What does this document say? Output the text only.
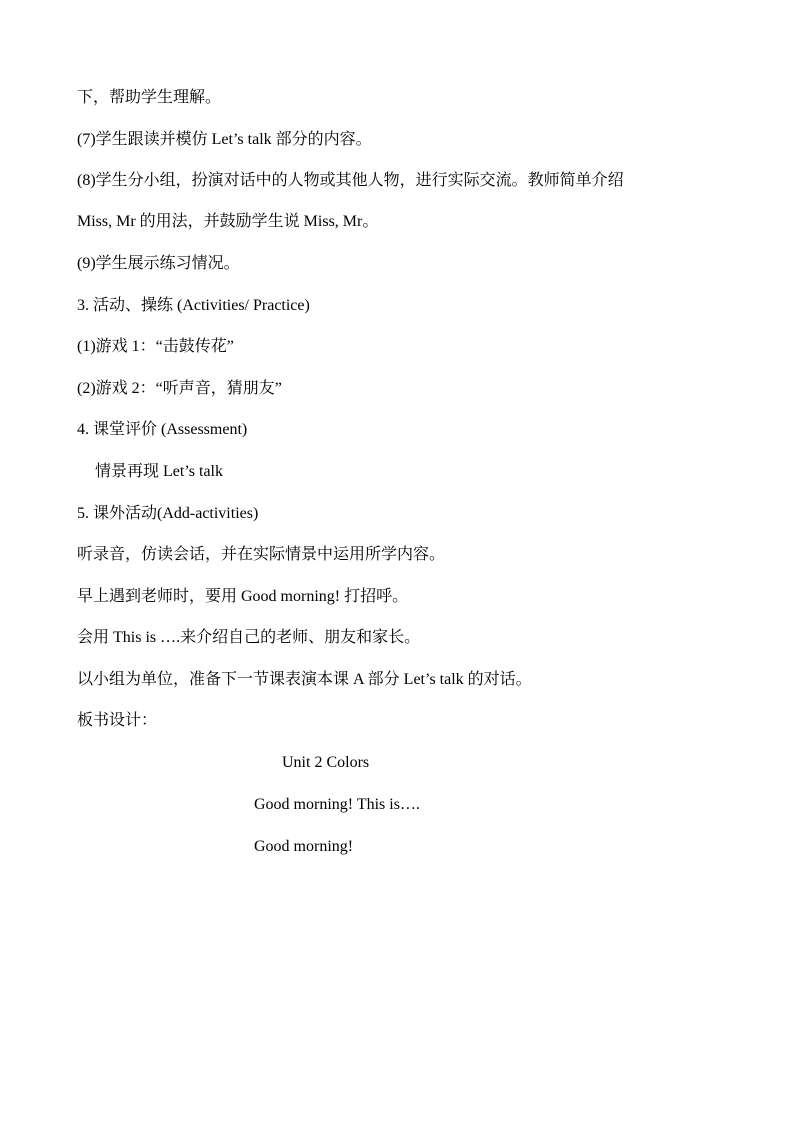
下，帮助学生理解。
(7)学生跟读并模仿 Let’s talk 部分的内容。
(8)学生分小组，扮演对话中的人物或其他人物，进行实际交流。教师简单介绍
Miss, Mr 的用法，并鼓励学生说 Miss, Mr。
(9)学生展示练习情况。
3. 活动、操练 (Activities/ Practice)
(1)游戏 1：“击鼓传花”
(2)游戏 2：“听声音，猜朋友”
4. 课堂评价 (Assessment)
情景再现 Let’s talk
5. 课外活动(Add-activities)
听录音，仿读会话，并在实际情景中运用所学内容。
早上遇到老师时，要用 Good morning! 打招呼。
会用 This is ….来介绍自己的老师、朋友和家长。
以小组为单位，准备下一节课表演本课 A 部分 Let’s talk 的对话。
板书设计：
Unit 2 Colors
Good morning! This is….
Good morning!
